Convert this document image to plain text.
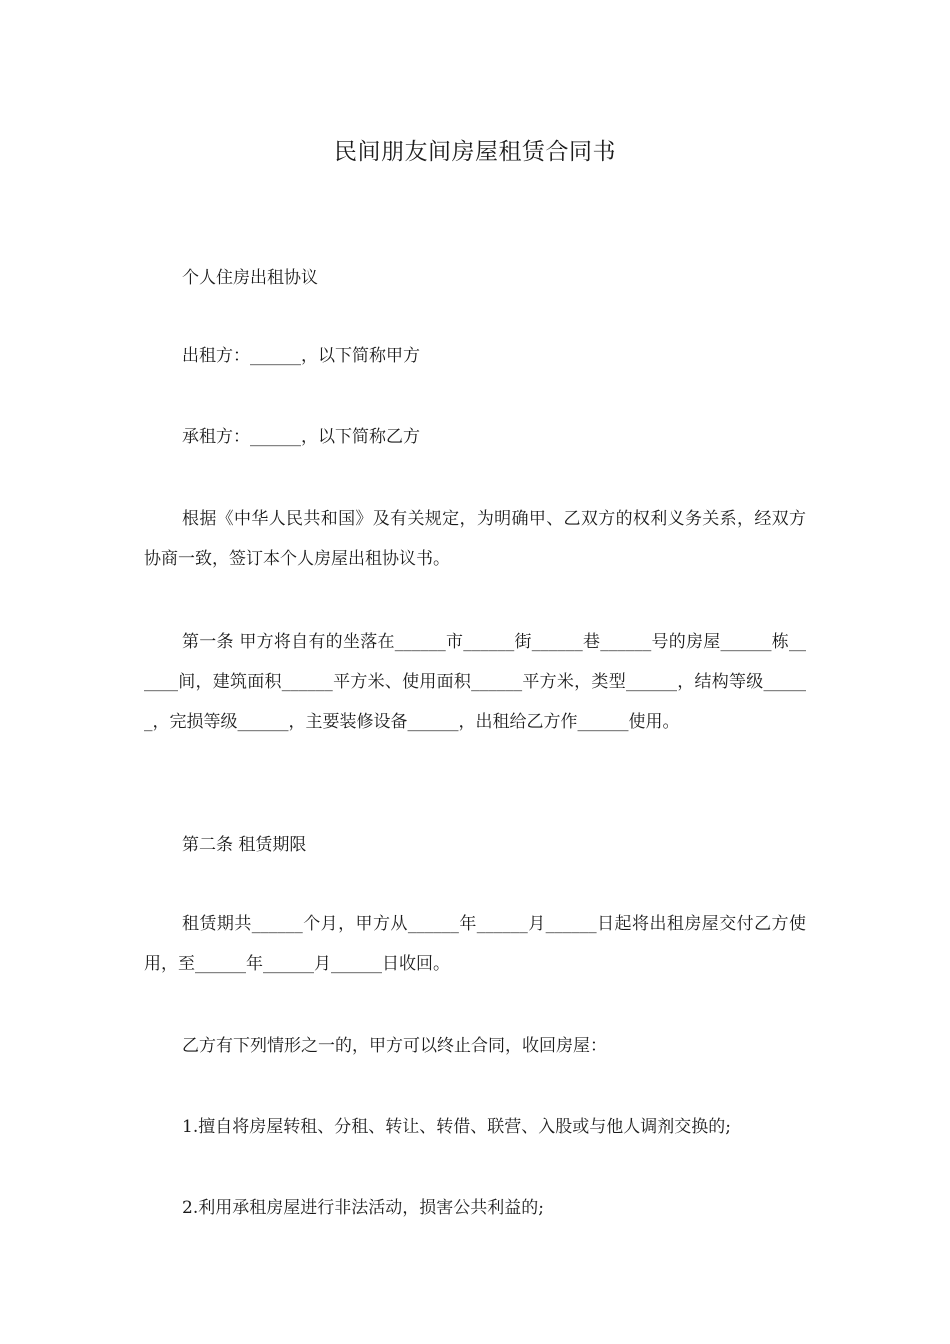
民间朋友间房屋租赁合同书

个人住房出租协议

出租方：______，以下简称甲方

承租方：______，以下简称乙方

根据《中华人民共和国》及有关规定，为明确甲、乙双方的权利义务关系，经双方协商一致，签订本个人房屋出租协议书。

第一条 甲方将自有的坐落在______市______街______巷______号的房屋______栋______间，建筑面积______平方米、使用面积______平方米，类型______，结构等级______，完损等级______，主要装修设备______，出租给乙方作______使用。

第二条 租赁期限

租赁期共______个月，甲方从______年______月______日起将出租房屋交付乙方使用，至______年______月______日收回。

乙方有下列情形之一的，甲方可以终止合同，收回房屋：

1.擅自将房屋转租、分租、转让、转借、联营、入股或与他人调剂交换的;

2.利用承租房屋进行非法活动，损害公共利益的;
